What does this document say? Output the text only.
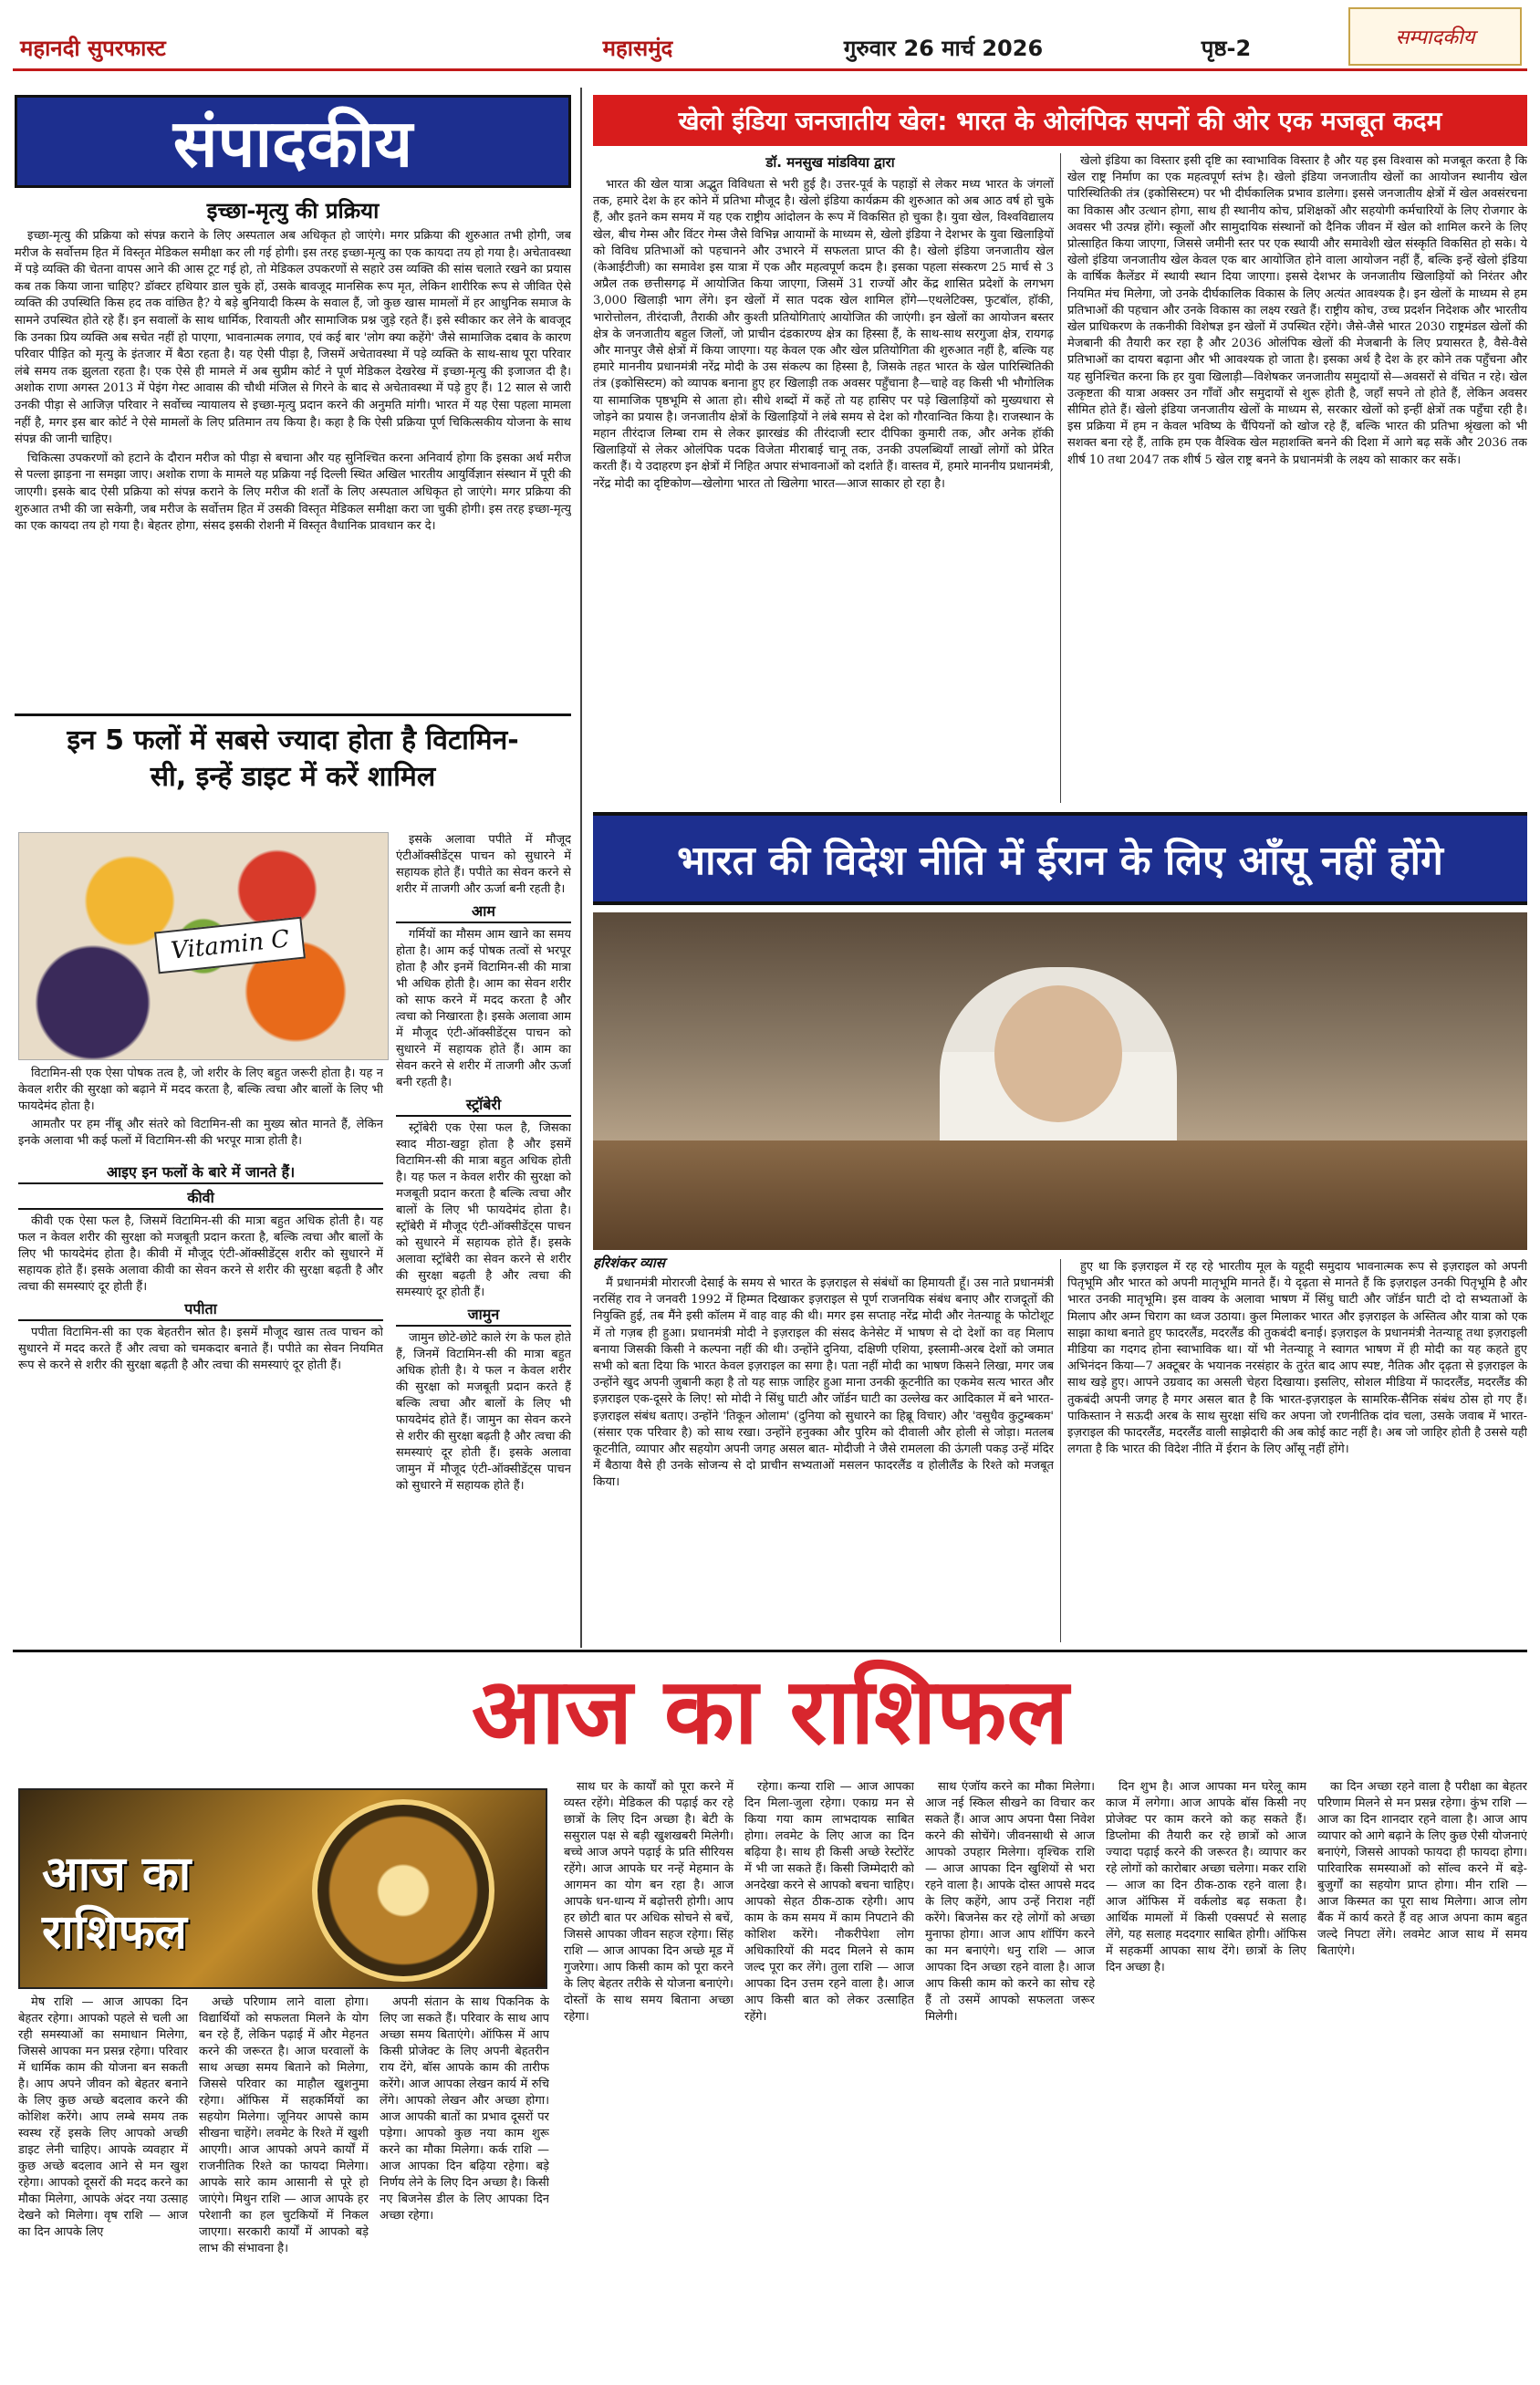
महानदी सुपरफास्ट	महासमुंद	गुरुवार 26 मार्च 2026	पृष्ठ-2	सम्पादकीय
संपादकीय
इच्छा-मृत्यु की प्रक्रिया

इच्छा-मृत्यु की प्रक्रिया को संपन्न कराने के लिए अस्पताल अब अधिकृत हो जाएंगे। मगर प्रक्रिया की शुरुआत तभी होगी, जब मरीज के सर्वोत्तम हित में विस्तृत मेडिकल समीक्षा कर ली गई होगी। इस तरह इच्छा-मृत्यु का एक कायदा तय हो गया है। अचेतावस्था में पड़े व्यक्ति की चेतना वापस आने की आस टूट गई हो, तो मेडिकल उपकरणों से सहारे उस व्यक्ति की सांस चलाते रखने का प्रयास कब तक किया जाना चाहिए? डॉक्टर हथियार डाल चुके हों, उसके बावजूद मानसिक रूप मृत, लेकिन शारीरिक रूप से जीवित ऐसे व्यक्ति की उपस्थिति किस हद तक वांछित है? ये बड़े बुनियादी किस्म के सवाल हैं, जो कुछ खास मामलों में हर आधुनिक समाज के सामने उपस्थित होते रहे हैं। इन सवालों के साथ धार्मिक, रिवायती और सामाजिक प्रश्न जुड़े रहते हैं। इसे स्वीकार कर लेने के बावजूद कि उनका प्रिय व्यक्ति अब सचेत नहीं हो पाएगा, भावनात्मक लगाव, एवं कई बार 'लोग क्या कहेंगे' जैसे सामाजिक दबाव के कारण परिवार पीड़ित को मृत्यु के इंतजार में बैठा रहता है। यह ऐसी पीड़ा है, जिसमें अचेतावस्था में पड़े व्यक्ति के साथ-साथ पूरा परिवार लंबे समय तक झुलता रहता है। एक ऐसे ही मामले में अब सुप्रीम कोर्ट ने पूर्ण मेडिकल देखरेख में इच्छा-मृत्यु की इजाजत दी है। अशोक राणा अगस्त 2013 में पेइंग गेस्ट आवास की चौथी मंजिल से गिरने के बाद से अचेतावस्था में पड़े हुए हैं। 12 साल से जारी उनकी पीड़ा से आजिज़ परिवार ने सर्वोच्च न्यायालय से इच्छा-मृत्यु प्रदान करने की अनुमति मांगी। भारत में यह ऐसा पहला मामला नहीं है, मगर इस बार कोर्ट ने ऐसे मामलों के लिए प्रतिमान तय किया है। कहा है कि ऐसी प्रक्रिया पूर्ण चिकित्सकीय योजना के साथ संपन्न की जानी चाहिए।

चिकित्सा उपकरणों को हटाने के दौरान मरीज को पीड़ा से बचाना और यह सुनिश्चित करना अनिवार्य होगा कि इसका अर्थ मरीज से पल्ला झाड़ना ना समझा जाए। अशोक राणा के मामले यह प्रक्रिया नई दिल्ली स्थित अखिल भारतीय आयुर्विज्ञान संस्थान में पूरी की जाएगी। इसके बाद ऐसी प्रक्रिया को संपन्न कराने के लिए मरीज की शर्तों के लिए अस्पताल अधिकृत हो जाएंगे। मगर प्रक्रिया की शुरुआत तभी की जा सकेगी, जब मरीज के सर्वोत्तम हित में उसकी विस्तृत मेडिकल समीक्षा करा जा चुकी होगी। इस तरह इच्छा-मृत्यु का एक कायदा तय हो गया है। बेहतर होगा, संसद इसकी रोशनी में विस्तृत वैधानिक प्रावधान कर दे।

इन 5 फलों में सबसे ज्यादा होता है विटामिन-
सी, इन्हें डाइट में करें शामिल
Vitamin C

विटामिन-सी एक ऐसा पोषक तत्व है, जो शरीर के लिए बहुत जरूरी होता है। यह न केवल शरीर की सुरक्षा को बढ़ाने में मदद करता है, बल्कि त्वचा और बालों के लिए भी फायदेमंद होता है।

आमतौर पर हम नींबू और संतरे को विटामिन-सी का मुख्य स्रोत मानते हैं, लेकिन इनके अलावा भी कई फलों में विटामिन-सी की भरपूर मात्रा होती है।

आइए इन फलों के बारे में जानते हैं।
कीवी

कीवी एक ऐसा फल है, जिसमें विटामिन-सी की मात्रा बहुत अधिक होती है। यह फल न केवल शरीर की सुरक्षा को मजबूती प्रदान करता है, बल्कि त्वचा और बालों के लिए भी फायदेमंद होता है। कीवी में मौजूद एंटी-ऑक्सीडेंट्स शरीर को सुधारने में सहायक होते हैं। इसके अलावा कीवी का सेवन करने से शरीर की सुरक्षा बढ़ती है और त्वचा की समस्याएं दूर होती हैं।

पपीता

पपीता विटामिन-सी का एक बेहतरीन स्रोत है। इसमें मौजूद खास तत्व पाचन को सुधारने में मदद करते हैं और त्वचा को चमकदार बनाते हैं। पपीते का सेवन नियमित रूप से करने से शरीर की सुरक्षा बढ़ती है और त्वचा की समस्याएं दूर होती हैं।

इसके अलावा पपीते में मौजूद एंटीऑक्सीडेंट्स पाचन को सुधारने में सहायक होते हैं। पपीते का सेवन करने से शरीर में ताजगी और ऊर्जा बनी रहती है।

आम

गर्मियों का मौसम आम खाने का समय होता है। आम कई पोषक तत्वों से भरपूर होता है और इनमें विटामिन-सी की मात्रा भी अधिक होती है। आम का सेवन शरीर को साफ करने में मदद करता है और त्वचा को निखारता है। इसके अलावा आम में मौजूद एंटी-ऑक्सीडेंट्स पाचन को सुधारने में सहायक होते हैं। आम का सेवन करने से शरीर में ताजगी और ऊर्जा बनी रहती है।

स्ट्रॉबेरी

स्ट्रॉबेरी एक ऐसा फल है, जिसका स्वाद मीठा-खट्टा होता है और इसमें विटामिन-सी की मात्रा बहुत अधिक होती है। यह फल न केवल शरीर की सुरक्षा को मजबूती प्रदान करता है बल्कि त्वचा और बालों के लिए भी फायदेमंद होता है। स्ट्रॉबेरी में मौजूद एंटी-ऑक्सीडेंट्स पाचन को सुधारने में सहायक होते हैं। इसके अलावा स्ट्रॉबेरी का सेवन करने से शरीर की सुरक्षा बढ़ती है और त्वचा की समस्याएं दूर होती हैं।

जामुन

जामुन छोटे-छोटे काले रंग के फल होते हैं, जिनमें विटामिन-सी की मात्रा बहुत अधिक होती है। ये फल न केवल शरीर की सुरक्षा को मजबूती प्रदान करते हैं बल्कि त्वचा और बालों के लिए भी फायदेमंद होते हैं। जामुन का सेवन करने से शरीर की सुरक्षा बढ़ती है और त्वचा की समस्याएं दूर होती हैं। इसके अलावा जामुन में मौजूद एंटी-ऑक्सीडेंट्स पाचन को सुधारने में सहायक होते हैं।

खेलो इंडिया जनजातीय खेल: भारत के ओलंपिक सपनों की ओर एक मजबूत कदम
डॉ. मनसुख मांडविया द्वारा

भारत की खेल यात्रा अद्भुत विविधता से भरी हुई है। उत्तर-पूर्व के पहाड़ों से लेकर मध्य भारत के जंगलों तक, हमारे देश के हर कोने में प्रतिभा मौजूद है। खेलो इंडिया कार्यक्रम की शुरुआत को अब आठ वर्ष हो चुके हैं, और इतने कम समय में यह एक राष्ट्रीय आंदोलन के रूप में विकसित हो चुका है। युवा खेल, विश्वविद्यालय खेल, बीच गेम्स और विंटर गेम्स जैसे विभिन्न आयामों के माध्यम से, खेलो इंडिया ने देशभर के युवा खिलाड़ियों को विविध प्रतिभाओं को पहचानने और उभारने में सफलता प्राप्त की है। खेलो इंडिया जनजातीय खेल (केआईटीजी) का समावेश इस यात्रा में एक और महत्वपूर्ण कदम है। इसका पहला संस्करण 25 मार्च से 3 अप्रैल तक छत्तीसगढ़ में आयोजित किया जाएगा, जिसमें 31 राज्यों और केंद्र शासित प्रदेशों के लगभग 3,000 खिलाड़ी भाग लेंगे। इन खेलों में सात पदक खेल शामिल होंगे—एथलेटिक्स, फुटबॉल, हॉकी, भारोत्तोलन, तीरंदाजी, तैराकी और कुश्ती प्रतियोगिताएं आयोजित की जाएंगी। इन खेलों का आयोजन बस्तर क्षेत्र के जनजातीय बहुल जिलों, जो प्राचीन दंडकारण्य क्षेत्र का हिस्सा हैं, के साथ-साथ सरगुजा क्षेत्र, रायगढ़ और मानपुर जैसे क्षेत्रों में किया जाएगा। यह केवल एक और खेल प्रतियोगिता की शुरुआत नहीं है, बल्कि यह हमारे माननीय प्रधानमंत्री नरेंद्र मोदी के उस संकल्प का हिस्सा है, जिसके तहत भारत के खेल पारिस्थितिकी तंत्र (इकोसिस्टम) को व्यापक बनाना हुए हर खिलाड़ी तक अवसर पहुँचाना है—चाहे वह किसी भी भौगोलिक या सामाजिक पृष्ठभूमि से आता हो। सीधे शब्दों में कहें तो यह हासिए पर पड़े खिलाड़ियों को मुख्यधारा से जोड़ने का प्रयास है। जनजातीय क्षेत्रों के खिलाड़ियों ने लंबे समय से देश को गौरवान्वित किया है। राजस्थान के महान तीरंदाज लिम्बा राम से लेकर झारखंड की तीरंदाजी स्टार दीपिका कुमारी तक, और अनेक हॉकी खिलाड़ियों से लेकर ओलंपिक पदक विजेता मीराबाई चानू तक, उनकी उपलब्धियाँ लाखों लोगों को प्रेरित करती हैं। ये उदाहरण इन क्षेत्रों में निहित अपार संभावनाओं को दर्शाते हैं। वास्तव में, हमारे माननीय प्रधानमंत्री, नरेंद्र मोदी का दृष्टिकोण—खेलोगा भारत तो खिलेगा भारत—आज साकार हो रहा है।

खेलो इंडिया का विस्तार इसी दृष्टि का स्वाभाविक विस्तार है और यह इस विश्वास को मजबूत करता है कि खेल राष्ट्र निर्माण का एक महत्वपूर्ण स्तंभ है। खेलो इंडिया जनजातीय खेलों का आयोजन स्थानीय खेल पारिस्थितिकी तंत्र (इकोसिस्टम) पर भी दीर्घकालिक प्रभाव डालेगा। इससे जनजातीय क्षेत्रों में खेल अवसंरचना का विकास और उत्थान होगा, साथ ही स्थानीय कोच, प्रशिक्षकों और सहयोगी कर्मचारियों के लिए रोजगार के अवसर भी उत्पन्न होंगे। स्कूलों और सामुदायिक संस्थानों को दैनिक जीवन में खेल को शामिल करने के लिए प्रोत्साहित किया जाएगा, जिससे जमीनी स्तर पर एक स्थायी और समावेशी खेल संस्कृति विकसित हो सके। ये खेलो इंडिया जनजातीय खेल केवल एक बार आयोजित होने वाला आयोजन नहीं हैं, बल्कि इन्हें खेलो इंडिया के वार्षिक कैलेंडर में स्थायी स्थान दिया जाएगा। इससे देशभर के जनजातीय खिलाड़ियों को निरंतर और नियमित मंच मिलेगा, जो उनके दीर्घकालिक विकास के लिए अत्यंत आवश्यक है। इन खेलों के माध्यम से हम प्रतिभाओं की पहचान और उनके विकास का लक्ष्य रखते हैं। राष्ट्रीय कोच, उच्च प्रदर्शन निदेशक और भारतीय खेल प्राधिकरण के तकनीकी विशेषज्ञ इन खेलों में उपस्थित रहेंगे। जैसे-जैसे भारत 2030 राष्ट्रमंडल खेलों की मेजबानी की तैयारी कर रहा है और 2036 ओलंपिक खेलों की मेजबानी के लिए प्रयासरत है, वैसे-वैसे प्रतिभाओं का दायरा बढ़ाना और भी आवश्यक हो जाता है। इसका अर्थ है देश के हर कोने तक पहुँचना और यह सुनिश्चित करना कि हर युवा खिलाड़ी—विशेषकर जनजातीय समुदायों से—अवसरों से वंचित न रहे। खेल उत्कृष्टता की यात्रा अक्सर उन गाँवों और समुदायों से शुरू होती है, जहाँ सपने तो होते हैं, लेकिन अवसर सीमित होते हैं। खेलो इंडिया जनजातीय खेलों के माध्यम से, सरकार खेलों को इन्हीं क्षेत्रों तक पहुँचा रही है। इस प्रक्रिया में हम न केवल भविष्य के चैंपियनों को खोज रहे हैं, बल्कि भारत की प्रतिभा श्रृंखला को भी सशक्त बना रहे हैं, ताकि हम एक वैश्विक खेल महाशक्ति बनने की दिशा में आगे बढ़ सकें और 2036 तक शीर्ष 10 तथा 2047 तक शीर्ष 5 खेल राष्ट्र बनने के प्रधानमंत्री के लक्ष्य को साकार कर सकें।

भारत की विदेश नीति में ईरान के लिए आँसू नहीं होंगे
हरिशंकर व्यास

मैं प्रधानमंत्री मोरारजी देसाई के समय से भारत के इज़राइल से संबंधों का हिमायती हूँ। उस नाते प्रधानमंत्री नरसिंह राव ने जनवरी 1992 में हिम्मत दिखाकर इज़राइल से पूर्ण राजनयिक संबंध बनाए और राजदूतों की नियुक्ति हुई, तब मैंने इसी कॉलम में वाह वाह की थी। मगर इस सप्ताह नरेंद्र मोदी और नेतन्याहू के फोटोशूट में तो गज़ब ही हुआ। प्रधानमंत्री मोदी ने इज़राइल की संसद केनेसेट में भाषण से दो देशों का वह मिलाप बनाया जिसकी किसी ने कल्पना नहीं की थी। उन्होंने दुनिया, दक्षिणी एशिया, इस्लामी-अरब देशों को जमात सभी को बता दिया कि भारत केवल इज़राइल का सगा है। पता नहीं मोदी का भाषण किसने लिखा, मगर जब उन्होंने खुद अपनी ज़ुबानी कहा है तो यह साफ़ जाहिर हुआ माना उनकी कूटनीति का एकमेव सत्य भारत और इज़राइल एक-दूसरे के लिए! सो मोदी ने सिंधु घाटी और जॉर्डन घाटी का उल्लेख कर आदिकाल में बने भारत-इज़राइल संबंध बताए। उन्होंने 'तिकून ओलाम' (दुनिया को सुधारने का हिब्रू विचार) और 'वसुधैव कुटुम्बकम' (संसार एक परिवार है) को साथ रखा। उन्होंने हनुक्का और पुरिम को दीवाली और होली से जोड़ा। मतलब कूटनीति, व्यापार और सहयोग अपनी जगह असल बात- मोदीजी ने जैसे रामलला की ऊंगली पकड़ उन्हें मंदिर में बैठाया वैसे ही उनके सोजन्य से दो प्राचीन सभ्यताओं मसलन फादरलैंड व होलीलैंड के रिश्ते को मजबूत किया।

हुए था कि इज़राइल में रह रहे भारतीय मूल के यहूदी समुदाय भावनात्मक रूप से इज़राइल को अपनी पितृभूमि और भारत को अपनी मातृभूमि मानते हैं। ये दृढ़ता से मानते हैं कि इज़राइल उनकी पितृभूमि है और भारत उनकी मातृभूमि। इस वाक्य के अलावा भाषण में सिंधु घाटी और जॉर्डन घाटी दो दो सभ्यताओं के मिलाप और अम्न चिराग का ध्वज उठाया। कुल मिलाकर भारत और इज़राइल के अस्तित्व और यात्रा को एक साझा काथा बनाते हुए फादरलैंड, मदरलैंड की तुकबंदी बनाई। इज़राइल के प्रधानमंत्री नेतन्याहू तथा इज़राइली मीडिया का गदगद होना स्वाभाविक था। यों भी नेतन्याहू ने स्वागत भाषण में ही मोदी का यह कहते हुए अभिनंदन किया—7 अक्टूबर के भयानक नरसंहार के तुरंत बाद आप स्पष्ट, नैतिक और दृढ़ता से इज़राइल के साथ खड़े हुए। आपने उग्रवाद का असली चेहरा दिखाया। इसलिए, सोशल मीडिया में फादरलैंड, मदरलैंड की तुकबंदी अपनी जगह है मगर असल बात है कि भारत-इज़राइल के सामरिक-सैनिक संबंध ठोस हो गए हैं। पाकिस्तान ने सऊदी अरब के साथ सुरक्षा संधि कर अपना जो रणनीतिक दांव चला, उसके जवाब में भारत-इज़राइल की फादरलैंड, मदरलैंड वाली साझेदारी की अब कोई काट नहीं है। अब जो जाहिर होती है उससे यही लगता है कि भारत की विदेश नीति में ईरान के लिए आँसू नहीं होंगे।

आज का राशिफल
आज का राशिफल

मेष राशि — आज आपका दिन बेहतर रहेगा। आपको पहले से चली आ रही समस्याओं का समाधान मिलेगा, जिससे आपका मन प्रसन्न रहेगा। परिवार में धार्मिक काम की योजना बन सकती है। आप अपने जीवन को बेहतर बनाने के लिए कुछ अच्छे बदलाव करने की कोशिश करेंगे। आप लम्बे समय तक स्वस्थ रहें इसके लिए आपको अच्छी डाइट लेनी चाहिए। आपके व्यवहार में कुछ अच्छे बदलाव आने से मन खुश रहेगा। आपको दूसरों की मदद करने का मौका मिलेगा, आपके अंदर नया उत्साह देखने को मिलेगा। वृष राशि — आज का दिन आपके लिए

अच्छे परिणाम लाने वाला होगा। विद्यार्थियों को सफलता मिलने के योग बन रहे हैं, लेकिन पढ़ाई में और मेहनत करने की जरूरत है। आज घरवालों के साथ अच्छा समय बिताने को मिलेगा, जिससे परिवार का माहौल खुशनुमा रहेगा। ऑफिस में सहकर्मियों का सहयोग मिलेगा। जूनियर आपसे काम सीखना चाहेंगे। लवमेट के रिश्ते में खुशी आएगी। आज आपको अपने कार्यों में राजनीतिक रिश्ते का फायदा मिलेगा। आपके सारे काम आसानी से पूरे हो जाएंगे। मिथुन राशि — आज आपके हर परेशानी का हल चुटकियों में निकल जाएगा। सरकारी कार्यों में आपको बड़े लाभ की संभावना है।

अपनी संतान के साथ पिकनिक के लिए जा सकते हैं। परिवार के साथ आप अच्छा समय बिताएंगे। ऑफिस में आप किसी प्रोजेक्ट के लिए अपनी बेहतरीन राय देंगे, बॉस आपके काम की तारीफ करेंगे। आज आपका लेखन कार्य में रुचि लेंगे। आपको लेखन और अच्छा होगा। आज आपकी बातों का प्रभाव दूसरों पर पड़ेगा। आपको कुछ नया काम शुरू करने का मौका मिलेगा। कर्क राशि — आज आपका दिन बढ़िया रहेगा। बड़े निर्णय लेने के लिए दिन अच्छा है। किसी नए बिजनेस डील के लिए आपका दिन अच्छा रहेगा।

साथ घर के कार्यों को पूरा करने में व्यस्त रहेंगे। मेडिकल की पढ़ाई कर रहे छात्रों के लिए दिन अच्छा है। बेटी के ससुराल पक्ष से बड़ी खुशखबरी मिलेगी। बच्चे आज अपने पढ़ाई के प्रति सीरियस रहेंगे। आज आपके घर नन्हें मेहमान के आगमन का योग बन रहा है। आज आपके धन-धान्य में बढ़ोत्तरी होगी। आप हर छोटी बात पर अधिक सोचने से बचें, जिससे आपका जीवन सहज रहेगा। सिंह राशि — आज आपका दिन अच्छे मूड में गुजरेगा। आप किसी काम को पूरा करने के लिए बेहतर तरीके से योजना बनाएंगे। दोस्तों के साथ समय बिताना अच्छा रहेगा।

रहेगा। कन्या राशि — आज आपका दिन मिला-जुला रहेगा। एकाग्र मन से किया गया काम लाभदायक साबित होगा। लवमेट के लिए आज का दिन बढ़िया है। साथ ही किसी अच्छे रेस्टोरेंट में भी जा सकते हैं। किसी जिम्मेदारी को अनदेखा करने से आपको बचना चाहिए। आपको सेहत ठीक-ठाक रहेगी। आप काम के कम समय में काम निपटाने की कोशिश करेंगे। नौकरीपेशा लोग अधिकारियों की मदद मिलने से काम जल्द पूरा कर लेंगे। तुला राशि — आज आपका दिन उत्तम रहने वाला है। आज आप किसी बात को लेकर उत्साहित रहेंगे।

साथ एंजॉय करने का मौका मिलेगा। आज नई स्किल सीखने का विचार कर सकते हैं। आज आप अपना पैसा निवेश करने की सोचेंगे। जीवनसाथी से आज आपको उपहार मिलेगा। वृश्चिक राशि — आज आपका दिन खुशियों से भरा रहने वाला है। आपके दोस्त आपसे मदद के लिए कहेंगे, आप उन्हें निराश नहीं करेंगे। बिजनेस कर रहे लोगों को अच्छा मुनाफा होगा। आज आप शॉपिंग करने का मन बनाएंगे। धनु राशि — आज आपका दिन अच्छा रहने वाला है। आज आप किसी काम को करने का सोच रहे हैं तो उसमें आपको सफलता जरूर मिलेगी।

दिन शुभ है। आज आपका मन घरेलू काम काज में लगेगा। आज आपके बॉस किसी नए प्रोजेक्ट पर काम करने को कह सकते हैं। डिप्लोमा की तैयारी कर रहे छात्रों को आज ज्यादा पढ़ाई करने की जरूरत है। व्यापार कर रहे लोगों को कारोबार अच्छा चलेगा। मकर राशि — आज का दिन ठीक-ठाक रहने वाला है। आज ऑफिस में वर्कलोड बढ़ सकता है। आर्थिक मामलों में किसी एक्सपर्ट से सलाह लेंगे, यह सलाह मददगार साबित होगी। ऑफिस में सहकर्मी आपका साथ देंगे। छात्रों के लिए दिन अच्छा है।

का दिन अच्छा रहने वाला है परीक्षा का बेहतर परिणाम मिलने से मन प्रसन्न रहेगा। कुंभ राशि — आज का दिन शानदार रहने वाला है। आज आप व्यापार को आगे बढ़ाने के लिए कुछ ऐसी योजनाएं बनाएंगे, जिससे आपको फायदा ही फायदा होगा। पारिवारिक समस्याओं को सॉल्व करने में बड़े-बुजुर्गों का सहयोग प्राप्त होगा। मीन राशि — आज किस्मत का पूरा साथ मिलेगा। आज लोग बैंक में कार्य करते हैं वह आज अपना काम बहुत जल्दे निपटा लेंगे। लवमेट आज साथ में समय बिताएंगे।
